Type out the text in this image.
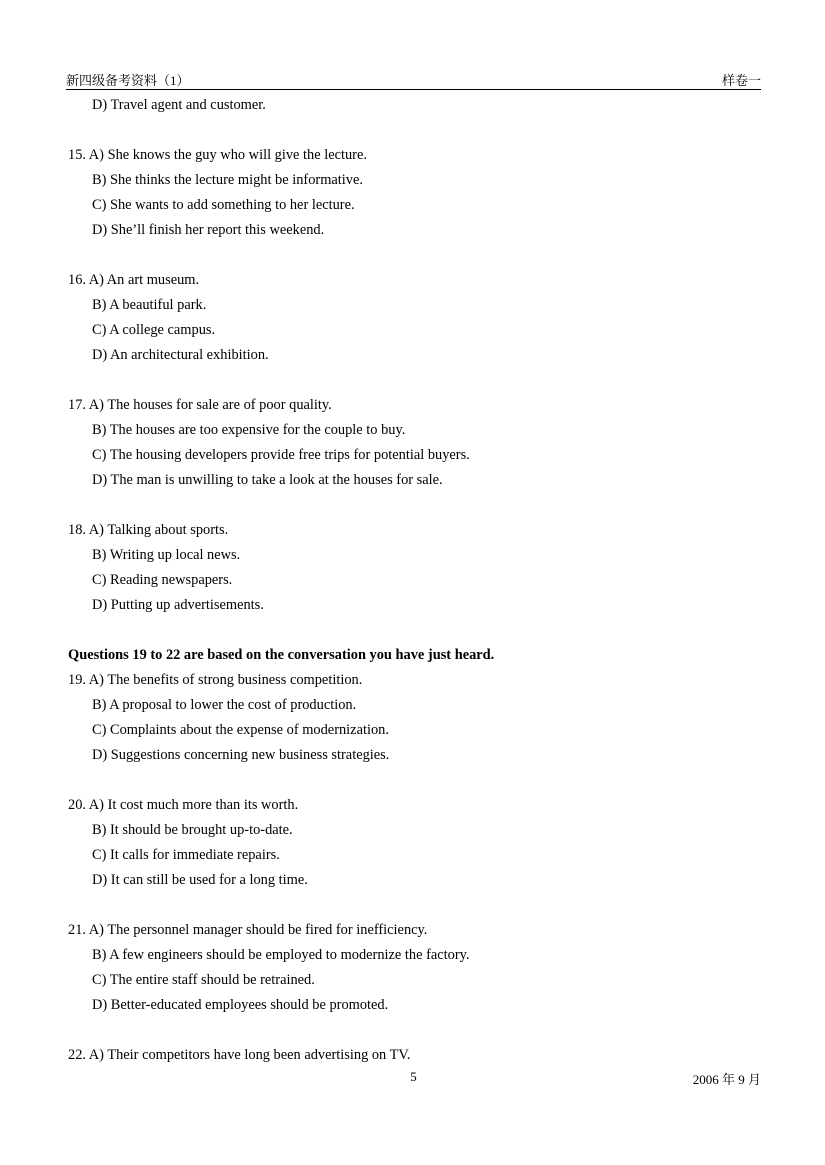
新四级备考资料（1）	样卷一
D) Travel agent and customer.
15. A) She knows the guy who will give the lecture.
B) She thinks the lecture might be informative.
C) She wants to add something to her lecture.
D) She’ll finish her report this weekend.
16. A) An art museum.
B) A beautiful park.
C) A college campus.
D) An architectural exhibition.
17. A) The houses for sale are of poor quality.
B) The houses are too expensive for the couple to buy.
C) The housing developers provide free trips for potential buyers.
D) The man is unwilling to take a look at the houses for sale.
18. A) Talking about sports.
B) Writing up local news.
C) Reading newspapers.
D) Putting up advertisements.
Questions 19 to 22 are based on the conversation you have just heard.
19. A) The benefits of strong business competition.
B) A proposal to lower the cost of production.
C) Complaints about the expense of modernization.
D) Suggestions concerning new business strategies.
20. A) It cost much more than its worth.
B) It should be brought up-to-date.
C) It calls for immediate repairs.
D) It can still be used for a long time.
21. A) The personnel manager should be fired for inefficiency.
B) A few engineers should be employed to modernize the factory.
C) The entire staff should be retrained.
D) Better-educated employees should be promoted.
22. A) Their competitors have long been advertising on TV.
5	2006 年 9 月
